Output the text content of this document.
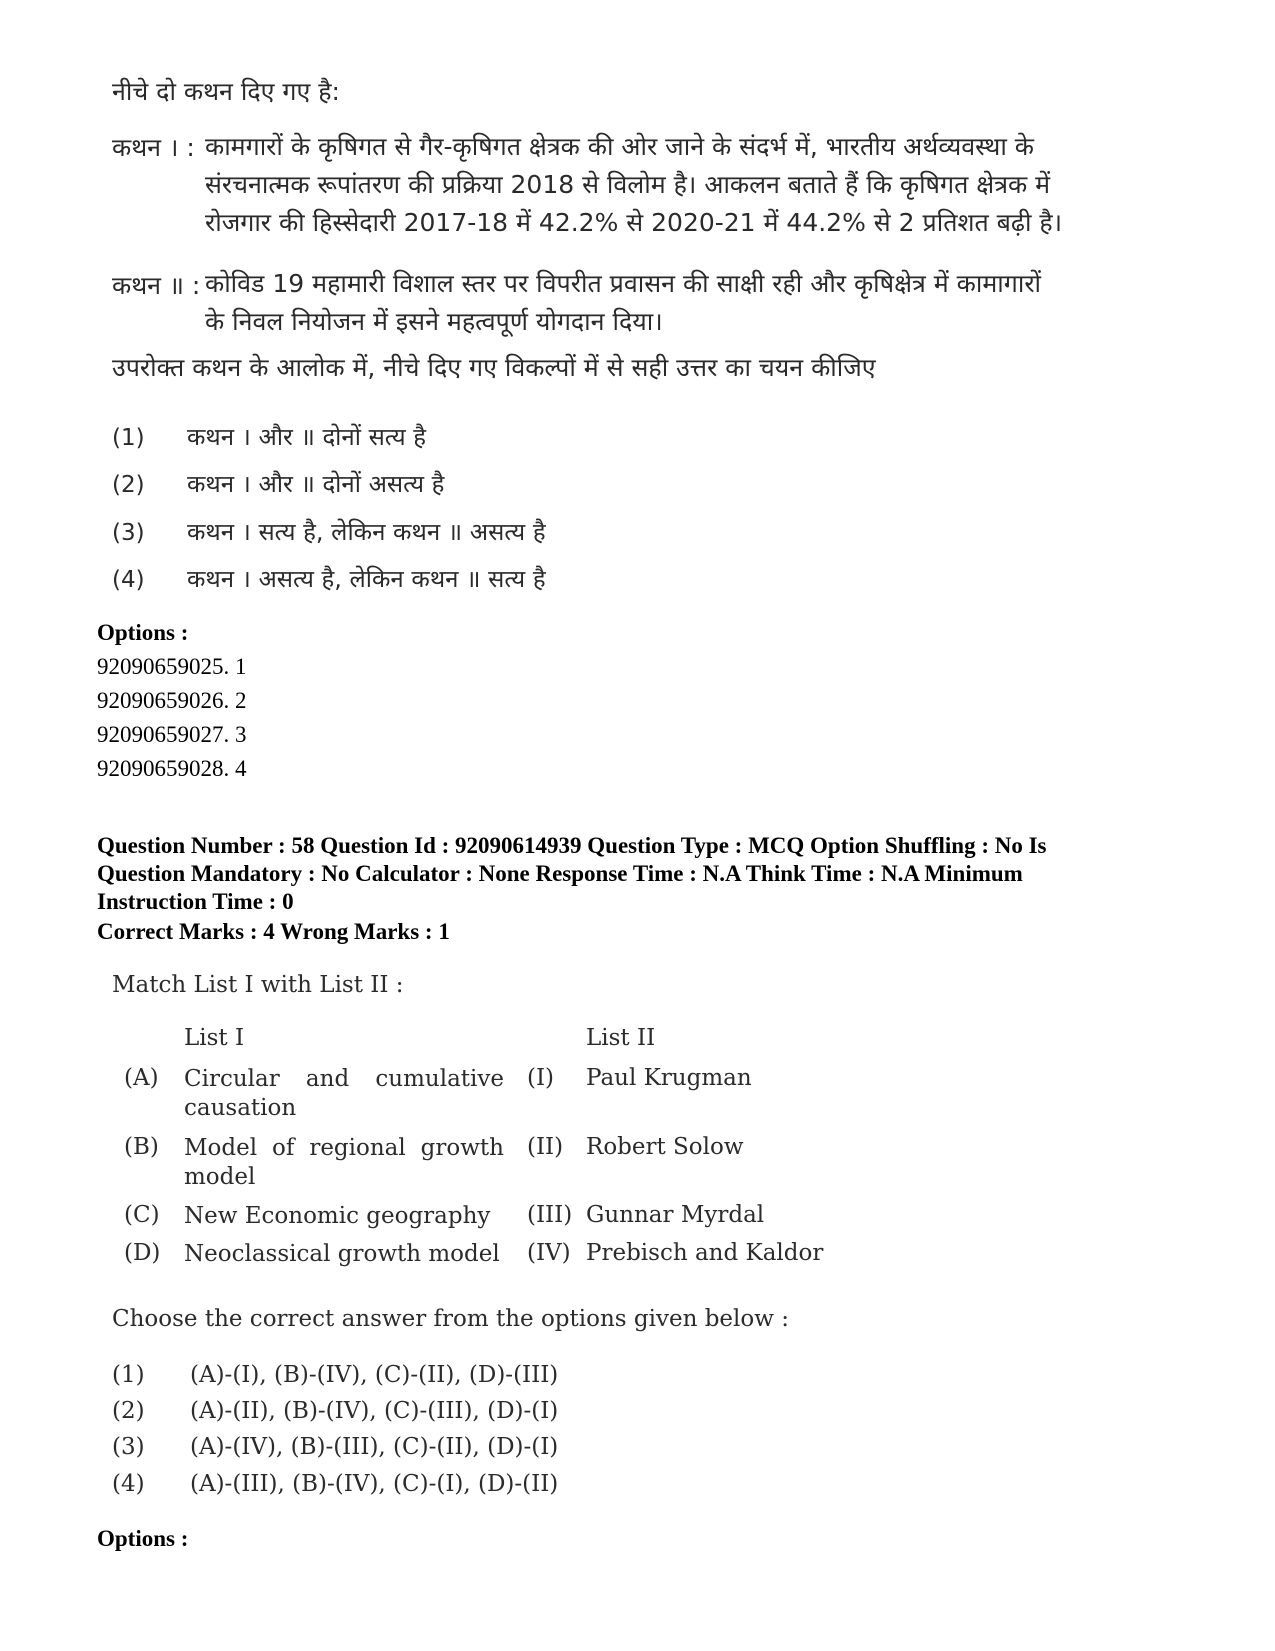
नीचे दो कथन दिए गए है:
कथन । : कामगारों के कृषिगत से गैर-कृषिगत क्षेत्रक की ओर जाने के संदर्भ में, भारतीय अर्थव्यवस्था के
संरचनात्मक रूपांतरण की प्रक्रिया 2018 से विलोम है। आकलन बताते हैं कि कृषिगत क्षेत्रक में
रोजगार की हिस्सेदारी 2017-18 में 42.2% से 2020-21 में 44.2% से 2 प्रतिशत बढ़ी है।
कथन ॥ : कोविड 19 महामारी विशाल स्तर पर विपरीत प्रवासन की साक्षी रही और कृषिक्षेत्र में कामागारों
के निवल नियोजन में इसने महत्वपूर्ण योगदान दिया।
उपरोक्त कथन के आलोक में, नीचे दिए गए विकल्पों में से सही उत्तर का चयन कीजिए
(1) कथन । और ॥ दोनों सत्य है
(2) कथन । और ॥ दोनों असत्य है
(3) कथन । सत्य है, लेकिन कथन ॥ असत्य है
(4) कथन । असत्य है, लेकिन कथन ॥ सत्य है
Options :
92090659025. 1
92090659026. 2
92090659027. 3
92090659028. 4
Question Number : 58 Question Id : 92090614939 Question Type : MCQ Option Shuffling : No Is
Question Mandatory : No Calculator : None Response Time : N.A Think Time : N.A Minimum
Instruction Time : 0
Correct Marks : 4 Wrong Marks : 1
Match List I with List II :
List I	List II
(A) Circular and cumulative
causation
(I) Paul Krugman
(B) Model of regional growth
model
(II) Robert Solow
(C) New Economic geography	(III) Gunnar Myrdal
(D) Neoclassical growth model (IV) Prebisch and Kaldor
Choose the correct answer from the options given below :
(1) (A)-(I), (B)-(IV), (C)-(II), (D)-(III)
(2) (A)-(II), (B)-(IV), (C)-(III), (D)-(I)
(3) (A)-(IV), (B)-(III), (C)-(II), (D)-(I)
(4) (A)-(III), (B)-(IV), (C)-(I), (D)-(II)
Options :
